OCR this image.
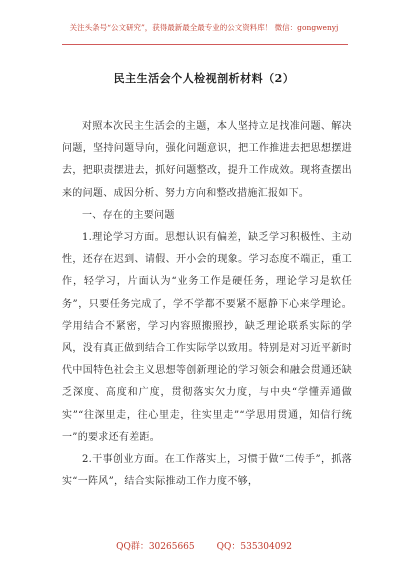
关注头条号“公文研究”，获得最新最全最专业的公文资料库！ 微信：gongwenyj
民主生活会个人检视剖析材料（2）

对照本次民主生活会的主题，本人坚持立足找准问题、解决问题，坚持问题导向，强化问题意识，把工作推进去把思想摆进去，把职责摆进去，抓好问题整改，提升工作成效。现将查摆出来的问题、成因分析、努力方向和整改措施汇报如下。

一、存在的主要问题

1.理论学习方面。思想认识有偏差，缺乏学习积极性、主动性，还存在迟到、请假、开小会的现象。学习态度不端正，重工作，轻学习，片面认为“业务工作是硬任务，理论学习是软任务”，只要任务完成了，学不学都不要紧不愿静下心来学理论。学用结合不紧密，学习内容照搬照抄，缺乏理论联系实际的学风，没有真正做到结合工作实际学以致用。特别是对习近平新时代中国特色社会主义思想等创新理论的学习领会和融会贯通还缺乏深度、高度和广度，贯彻落实欠力度，与中央“学懂弄通做实”“往深里走，往心里走，往实里走”“学思用贯通，知信行统一”的要求还有差距。

2.干事创业方面。在工作落实上，习惯于做“二传手”，抓落实“一阵风”，结合实际推动工作力度不够，

QQ群：30265665 QQ：535304092
